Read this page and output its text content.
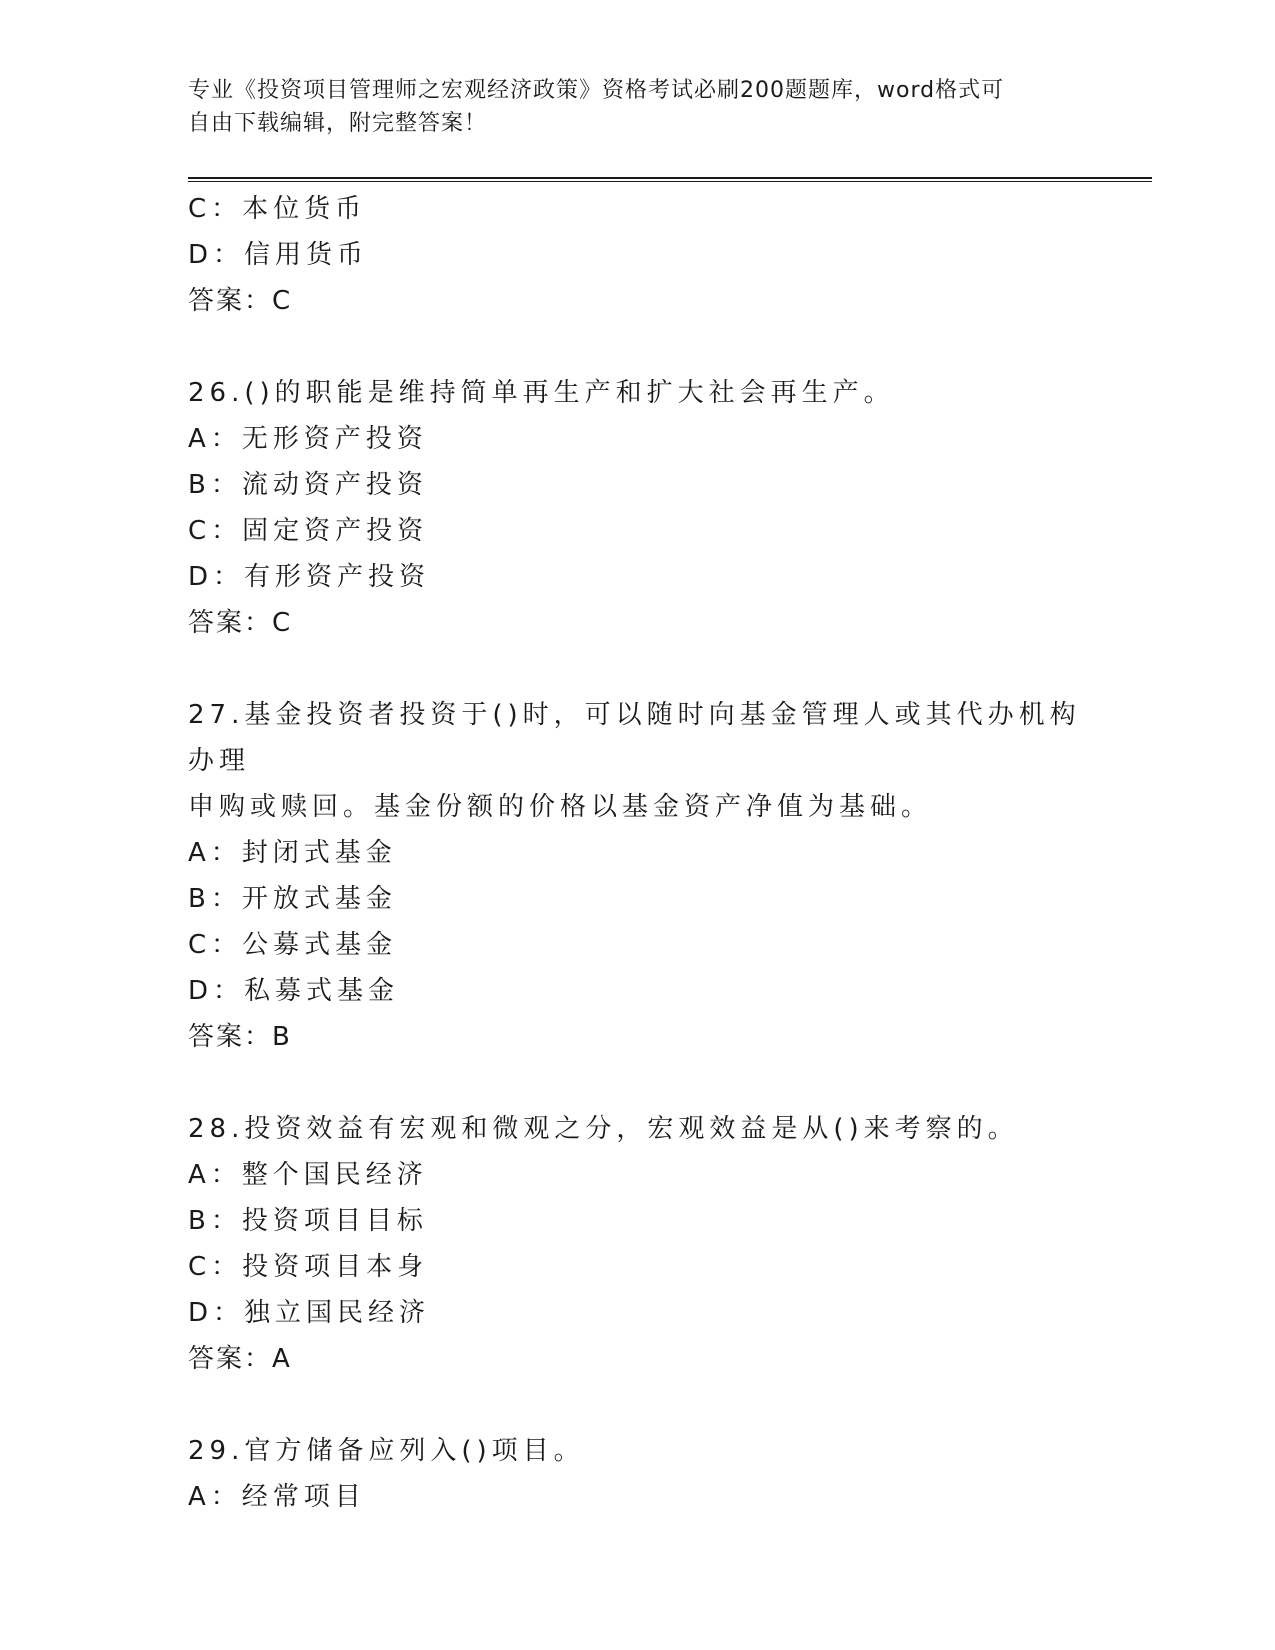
专业《投资项目管理师之宏观经济政策》资格考试必刷200题题库，word格式可
自由下载编辑，附完整答案！
C：本位货币
D：信用货币
答案：C
26.()的职能是维持简单再生产和扩大社会再生产。
A：无形资产投资
B：流动资产投资
C：固定资产投资
D：有形资产投资
答案：C
27.基金投资者投资于()时，可以随时向基金管理人或其代办机构办理
申购或赎回。基金份额的价格以基金资产净值为基础。
A：封闭式基金
B：开放式基金
C：公募式基金
D：私募式基金
答案：B
28.投资效益有宏观和微观之分，宏观效益是从()来考察的。
A：整个国民经济
B：投资项目目标
C：投资项目本身
D：独立国民经济
答案：A
29.官方储备应列入()项目。
A：经常项目
